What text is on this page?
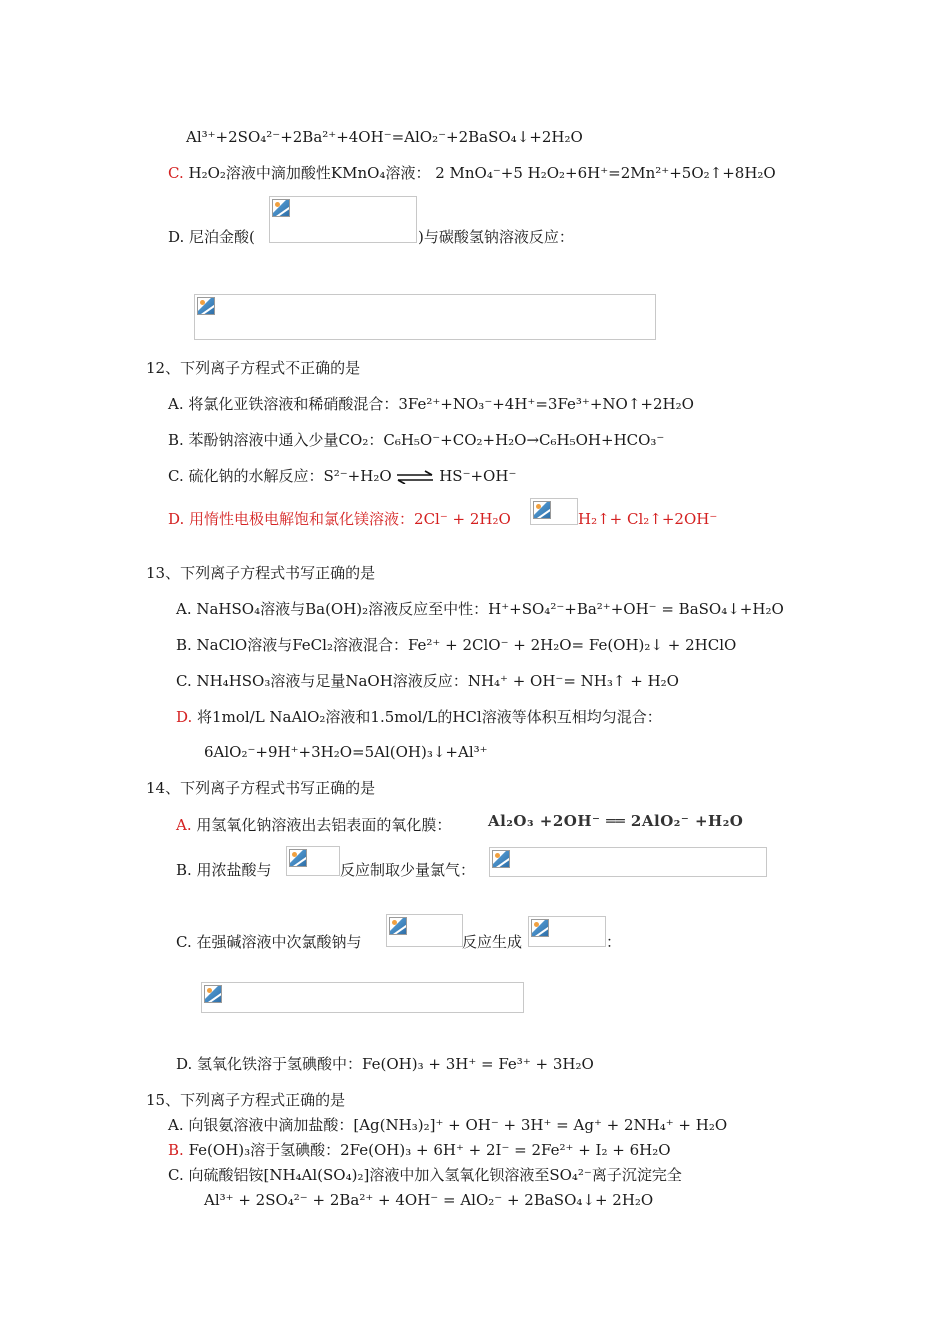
Al³⁺+2SO₄²⁻+2Ba²⁺+4OH⁻=AlO₂⁻+2BaSO₄↓+2H₂O
C. H₂O₂溶液中滴加酸性KMnO₄溶液： 2 MnO₄⁻+5 H₂O₂+6H⁺=2Mn²⁺+5O₂↑+8H₂O
D. 尼泊金酸(	)与碳酸氢钠溶液反应：
12、下列离子方程式不正确的是
A. 将氯化亚铁溶液和稀硝酸混合：3Fe²⁺+NO₃⁻+4H⁺=3Fe³⁺+NO↑+2H₂O
B. 苯酚钠溶液中通入少量CO₂：C₆H₅O⁻+CO₂+H₂O→C₆H₅OH+HCO₃⁻
C. 硫化钠的水解反应：S²⁻+H₂O ⇌ HS⁻+OH⁻
D. 用惰性电极电解饱和氯化镁溶液：2Cl⁻ + 2H₂O	H₂↑+ Cl₂↑+2OH⁻
13、下列离子方程式书写正确的是
A. NaHSO₄溶液与Ba(OH)₂溶液反应至中性：H⁺+SO₄²⁻+Ba²⁺+OH⁻ = BaSO₄↓+H₂O
B. NaClO溶液与FeCl₂溶液混合：Fe²⁺ + 2ClO⁻ + 2H₂O= Fe(OH)₂↓ + 2HClO
C. NH₄HSO₃溶液与足量NaOH溶液反应：NH₄⁺ + OH⁻= NH₃↑ + H₂O
D. 将1mol/L NaAlO₂溶液和1.5mol/L的HCl溶液等体积互相均匀混合：
6AlO₂⁻+9H⁺+3H₂O=5Al(OH)₃↓+Al³⁺
14、下列离子方程式书写正确的是
A. 用氢氧化钠溶液出去铝表面的氧化膜： Al₂O₃ +2OH⁻ ══ 2AlO₂⁻ +H₂O
B. 用浓盐酸与	反应制取少量氯气：
C. 在强碱溶液中次氯酸钠与	反应生成	：
D. 氢氧化铁溶于氢碘酸中：Fe(OH)₃ + 3H⁺ = Fe³⁺ + 3H₂O
15、下列离子方程式正确的是
A. 向银氨溶液中滴加盐酸：[Ag(NH₃)₂]⁺ + OH⁻ + 3H⁺ = Ag⁺ + 2NH₄⁺ + H₂O
B. Fe(OH)₃溶于氢碘酸：2Fe(OH)₃ + 6H⁺ + 2I⁻ = 2Fe²⁺ + I₂ + 6H₂O
C. 向硫酸铝铵[NH₄Al(SO₄)₂]溶液中加入氢氧化钡溶液至SO₄²⁻离子沉淀完全
Al³⁺ + 2SO₄²⁻ + 2Ba²⁺ + 4OH⁻ = AlO₂⁻ + 2BaSO₄↓+ 2H₂O
